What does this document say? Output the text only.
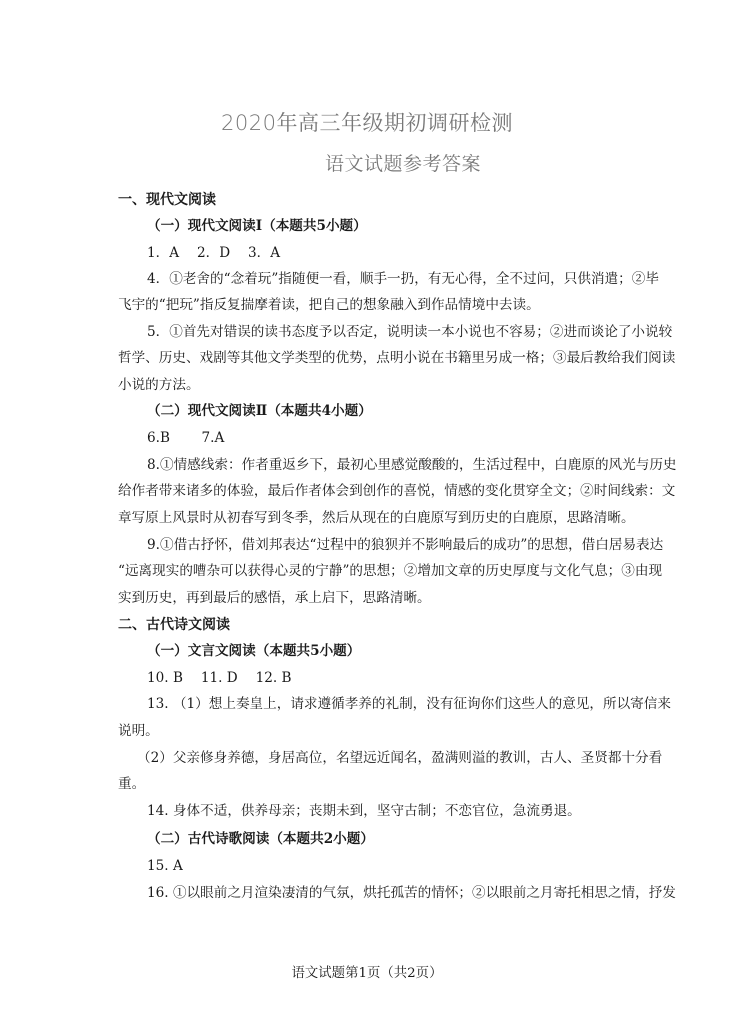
2020年高三年级期初调研检测
语文试题参考答案
一、现代文阅读
（一）现代文阅读Ⅰ（本题共5小题）
1．A　 2．D　 3．A
4．①老舍的“念着玩”指随便一看，顺手一扔，有无心得，全不过问，只供消遣；②毕
飞宇的“把玩”指反复揣摩着读，把自己的想象融入到作品情境中去读。
5．①首先对错误的读书态度予以否定，说明读一本小说也不容易；②进而谈论了小说较
哲学、历史、戏剧等其他文学类型的优势，点明小说在书籍里另成一格；③最后教给我们阅读
小说的方法。
（二）现代文阅读Ⅱ（本题共4小题）
6.B　　 7.A
8.①情感线索：作者重返乡下，最初心里感觉酸酸的，生活过程中，白鹿原的风光与历史
给作者带来诸多的体验，最后作者体会到创作的喜悦，情感的变化贯穿全文；②时间线索：文
章写原上风景时从初春写到冬季，然后从现在的白鹿原写到历史的白鹿原，思路清晰。
9.①借古抒怀，借刘邦表达“过程中的狼狈并不影响最后的成功”的思想，借白居易表达
“远离现实的嘈杂可以获得心灵的宁静”的思想；②增加文章的历史厚度与文化气息；③由现
实到历史，再到最后的感悟，承上启下，思路清晰。
二、古代诗文阅读
（一）文言文阅读（本题共5小题）
10. B　 11. D　 12. B
13. （1）想上奏皇上，请求遵循孝养的礼制，没有征询你们这些人的意见，所以寄信来
说明。
（2）父亲修身养德，身居高位，名望远近闻名，盈满则溢的教训，古人、圣贤都十分看
重。
14. 身体不适，供养母亲；丧期未到，坚守古制；不恋官位，急流勇退。
（二）古代诗歌阅读（本题共2小题）
15. A
16. ①以眼前之月渲染凄清的气氛，烘托孤苦的情怀；②以眼前之月寄托相思之情，抒发
语文试题第1页（共2页）
